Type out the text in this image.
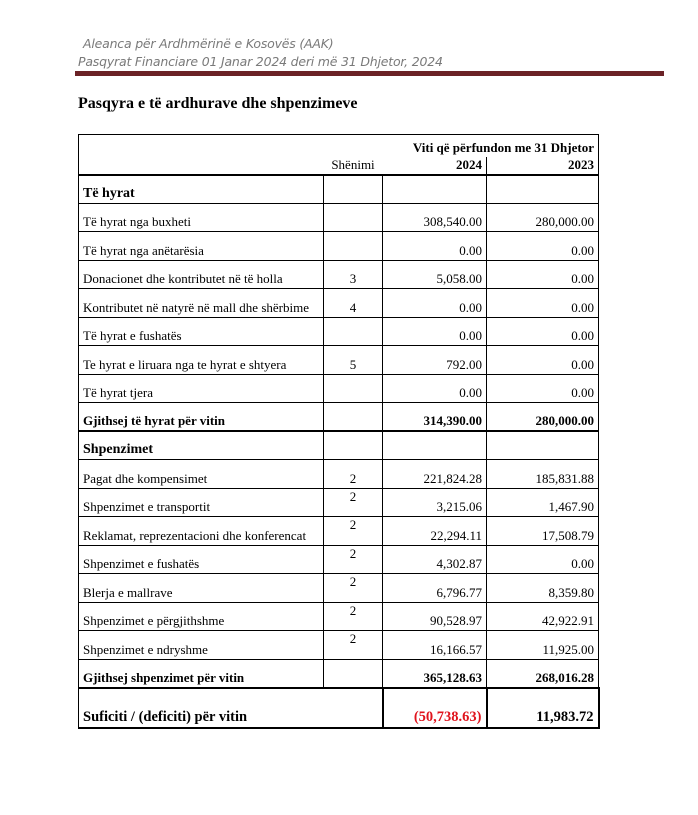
Aleanca për Ardhmërinë e Kosovës (AAK)
Pasqyrat Financiare 01 Janar 2024 deri më 31 Dhjetor, 2024
Pasqyra e të ardhurave dhe shpenzimeve
		Viti që përfundon me 31 Dhjetor	
	Shënimi	2024	2023
Të hyrat			
Të hyrat nga buxheti		308,540.00	280,000.00
Të hyrat nga anëtarësia		0.00	0.00
Donacionet dhe kontributet në të holla	3	5,058.00	0.00
Kontributet në natyrë në mall dhe shërbime	4	0.00	0.00
Të hyrat e fushatës		0.00	0.00
Te hyrat e liruara nga te hyrat e shtyera	5	792.00	0.00
Të hyrat tjera		0.00	0.00
Gjithsej të hyrat për vitin		314,390.00	280,000.00
Shpenzimet			
Pagat dhe kompensimet	2	221,824.28	185,831.88
Shpenzimet e transportit	2	3,215.06	1,467.90
Reklamat, reprezentacioni dhe konferencat	2	22,294.11	17,508.79
Shpenzimet e fushatës	2	4,302.87	0.00
Blerja e mallrave	2	6,796.77	8,359.80
Shpenzimet e përgjithshme	2	90,528.97	42,922.91
Shpenzimet e ndryshme	2	16,166.57	11,925.00
Gjithsej shpenzimet për vitin		365,128.63	268,016.28
Suficiti / (deficiti) për vitin		(50,738.63)	11,983.72
